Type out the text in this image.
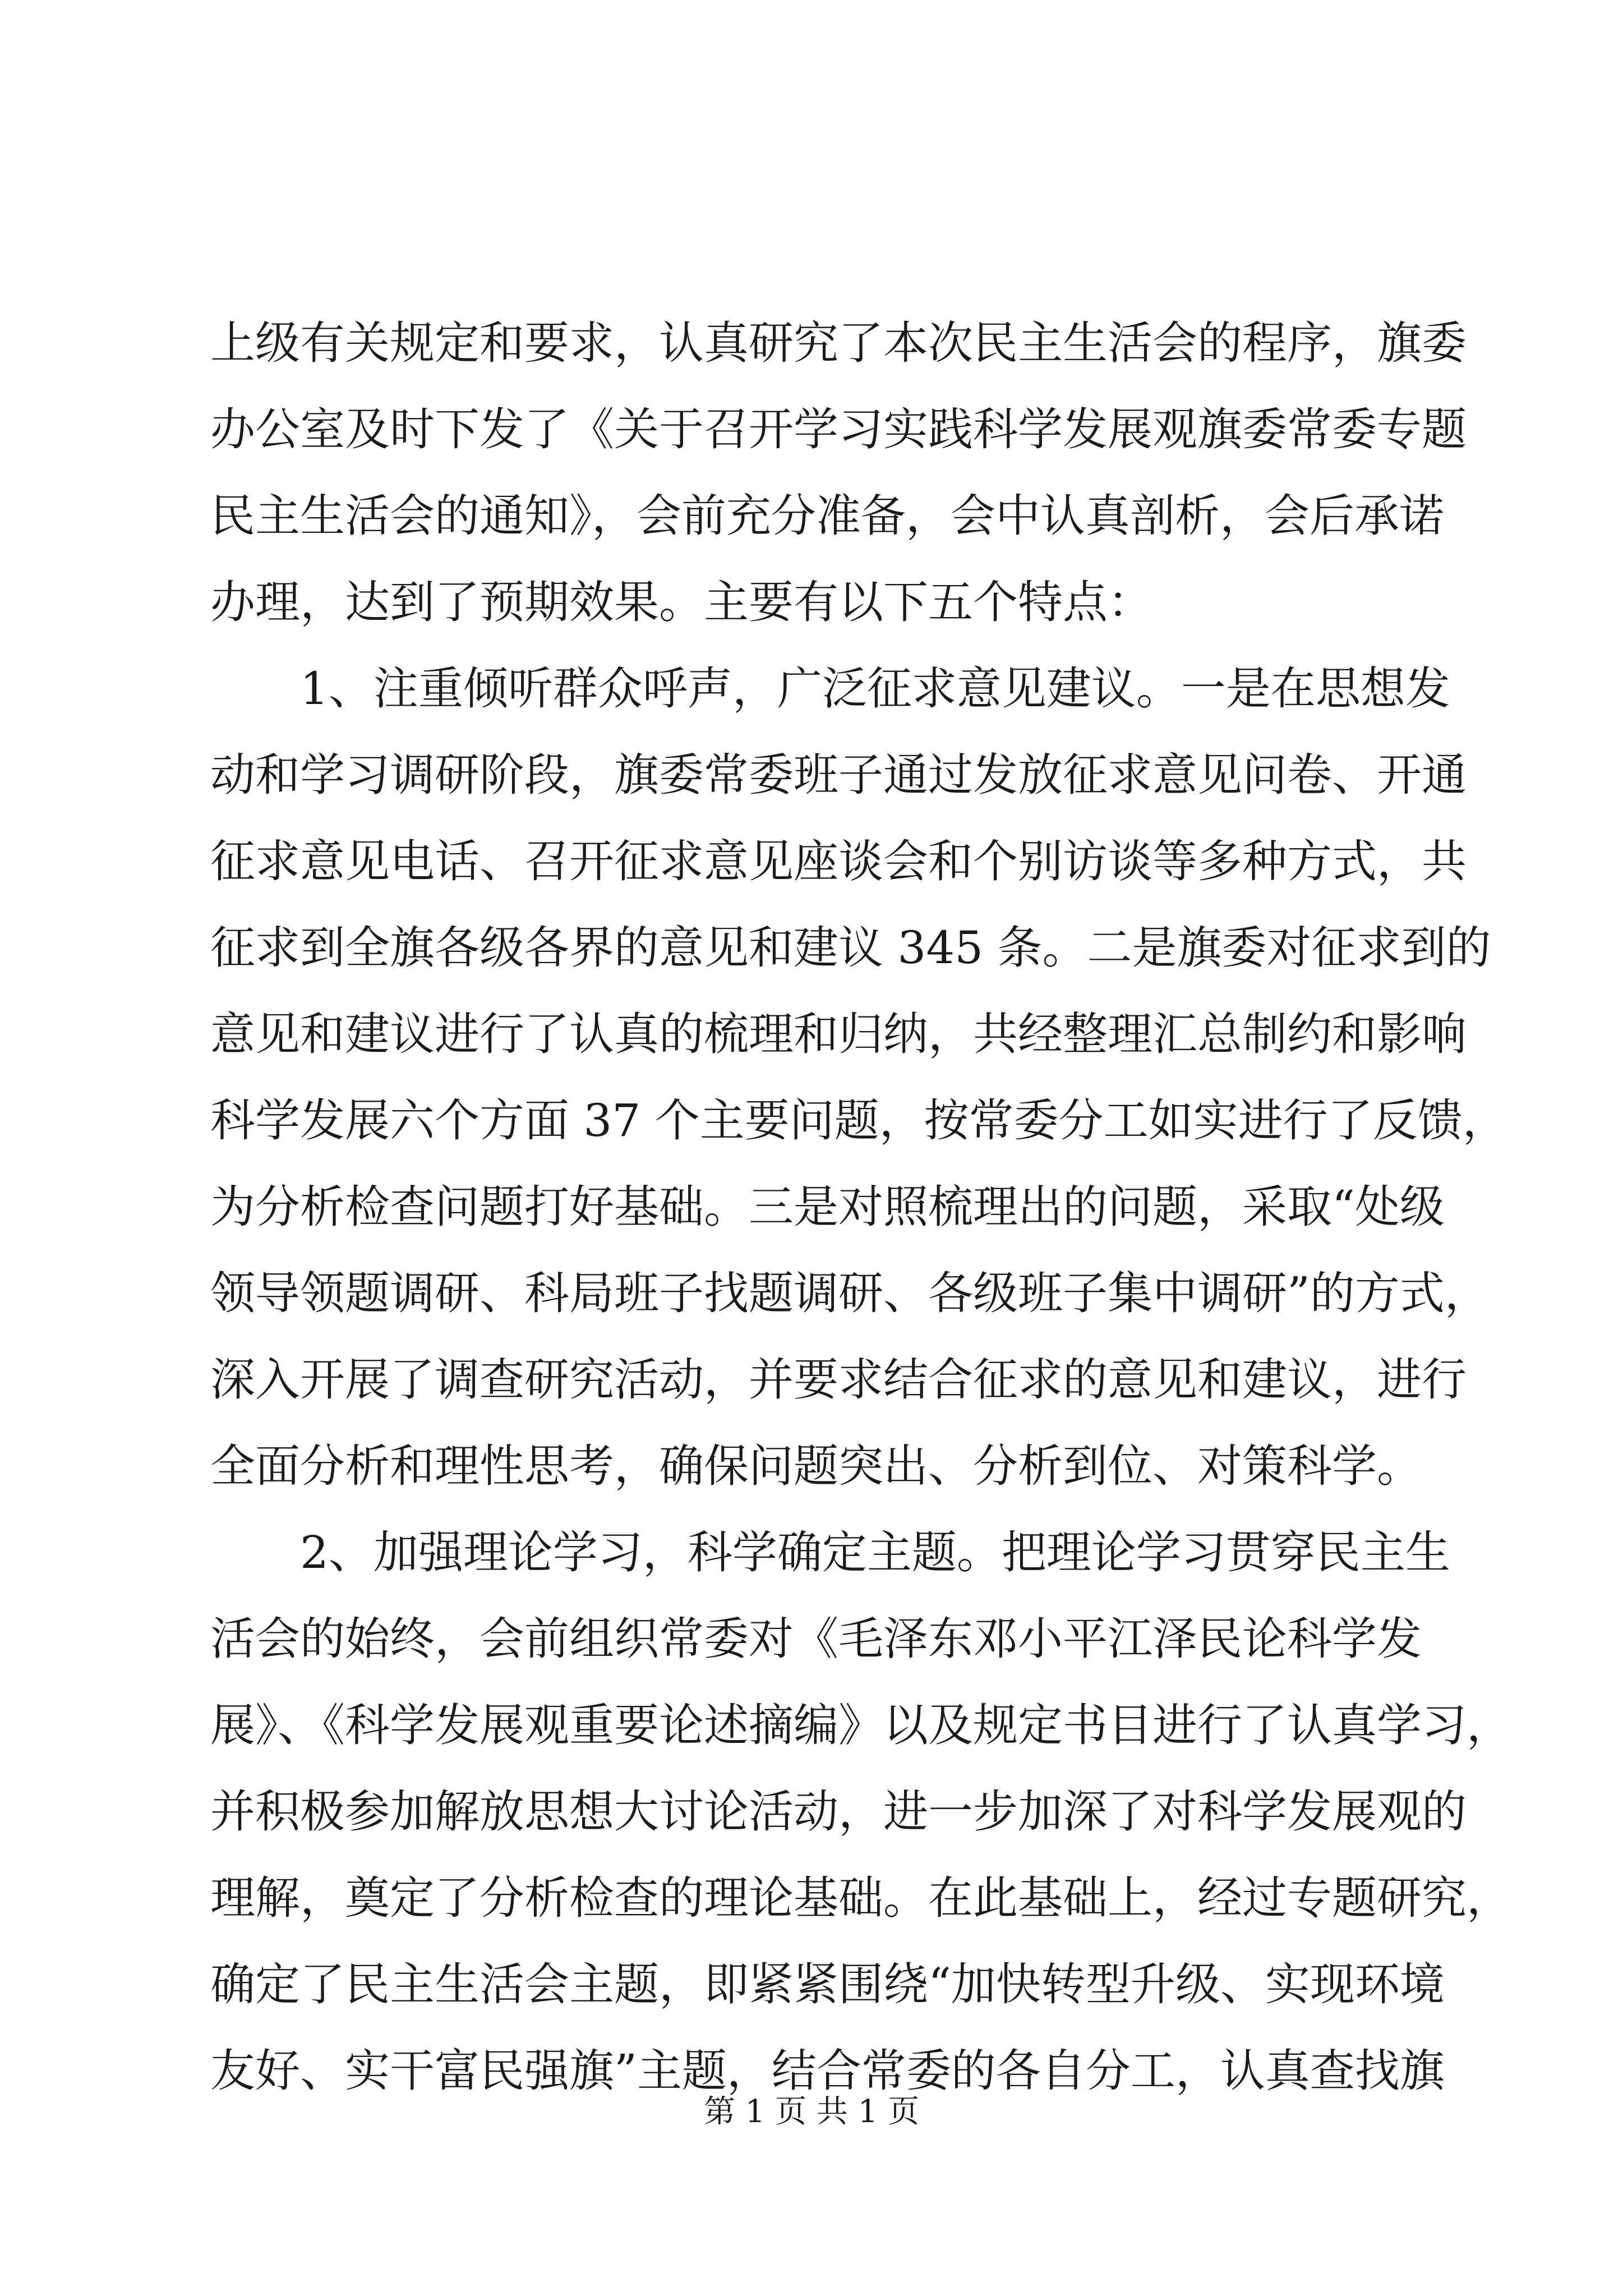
上级有关规定和要求，认真研究了本次民主生活会的程序，旗委
办公室及时下发了《关于召开学习实践科学发展观旗委常委专题
民主生活会的通知》，会前充分准备，会中认真剖析，会后承诺
办理，达到了预期效果。主要有以下五个特点：
1、注重倾听群众呼声，广泛征求意见建议。一是在思想发
动和学习调研阶段，旗委常委班子通过发放征求意见问卷、开通
征求意见电话、召开征求意见座谈会和个别访谈等多种方式，共
征求到全旗各级各界的意见和建议 345 条。二是旗委对征求到的
意见和建议进行了认真的梳理和归纳，共经整理汇总制约和影响
科学发展六个方面 37 个主要问题，按常委分工如实进行了反馈，
为分析检查问题打好基础。三是对照梳理出的问题，采取“处级
领导领题调研、科局班子找题调研、各级班子集中调研”的方式，
深入开展了调查研究活动，并要求结合征求的意见和建议，进行
全面分析和理性思考，确保问题突出、分析到位、对策科学。
2、加强理论学习，科学确定主题。把理论学习贯穿民主生
活会的始终，会前组织常委对《毛泽东邓小平江泽民论科学发
展》、《科学发展观重要论述摘编》以及规定书目进行了认真学习，
并积极参加解放思想大讨论活动，进一步加深了对科学发展观的
理解，奠定了分析检查的理论基础。在此基础上，经过专题研究，
确定了民主生活会主题，即紧紧围绕“加快转型升级、实现环境
友好、实干富民强旗”主题，结合常委的各自分工，认真查找旗
第 1 页 共 1 页
